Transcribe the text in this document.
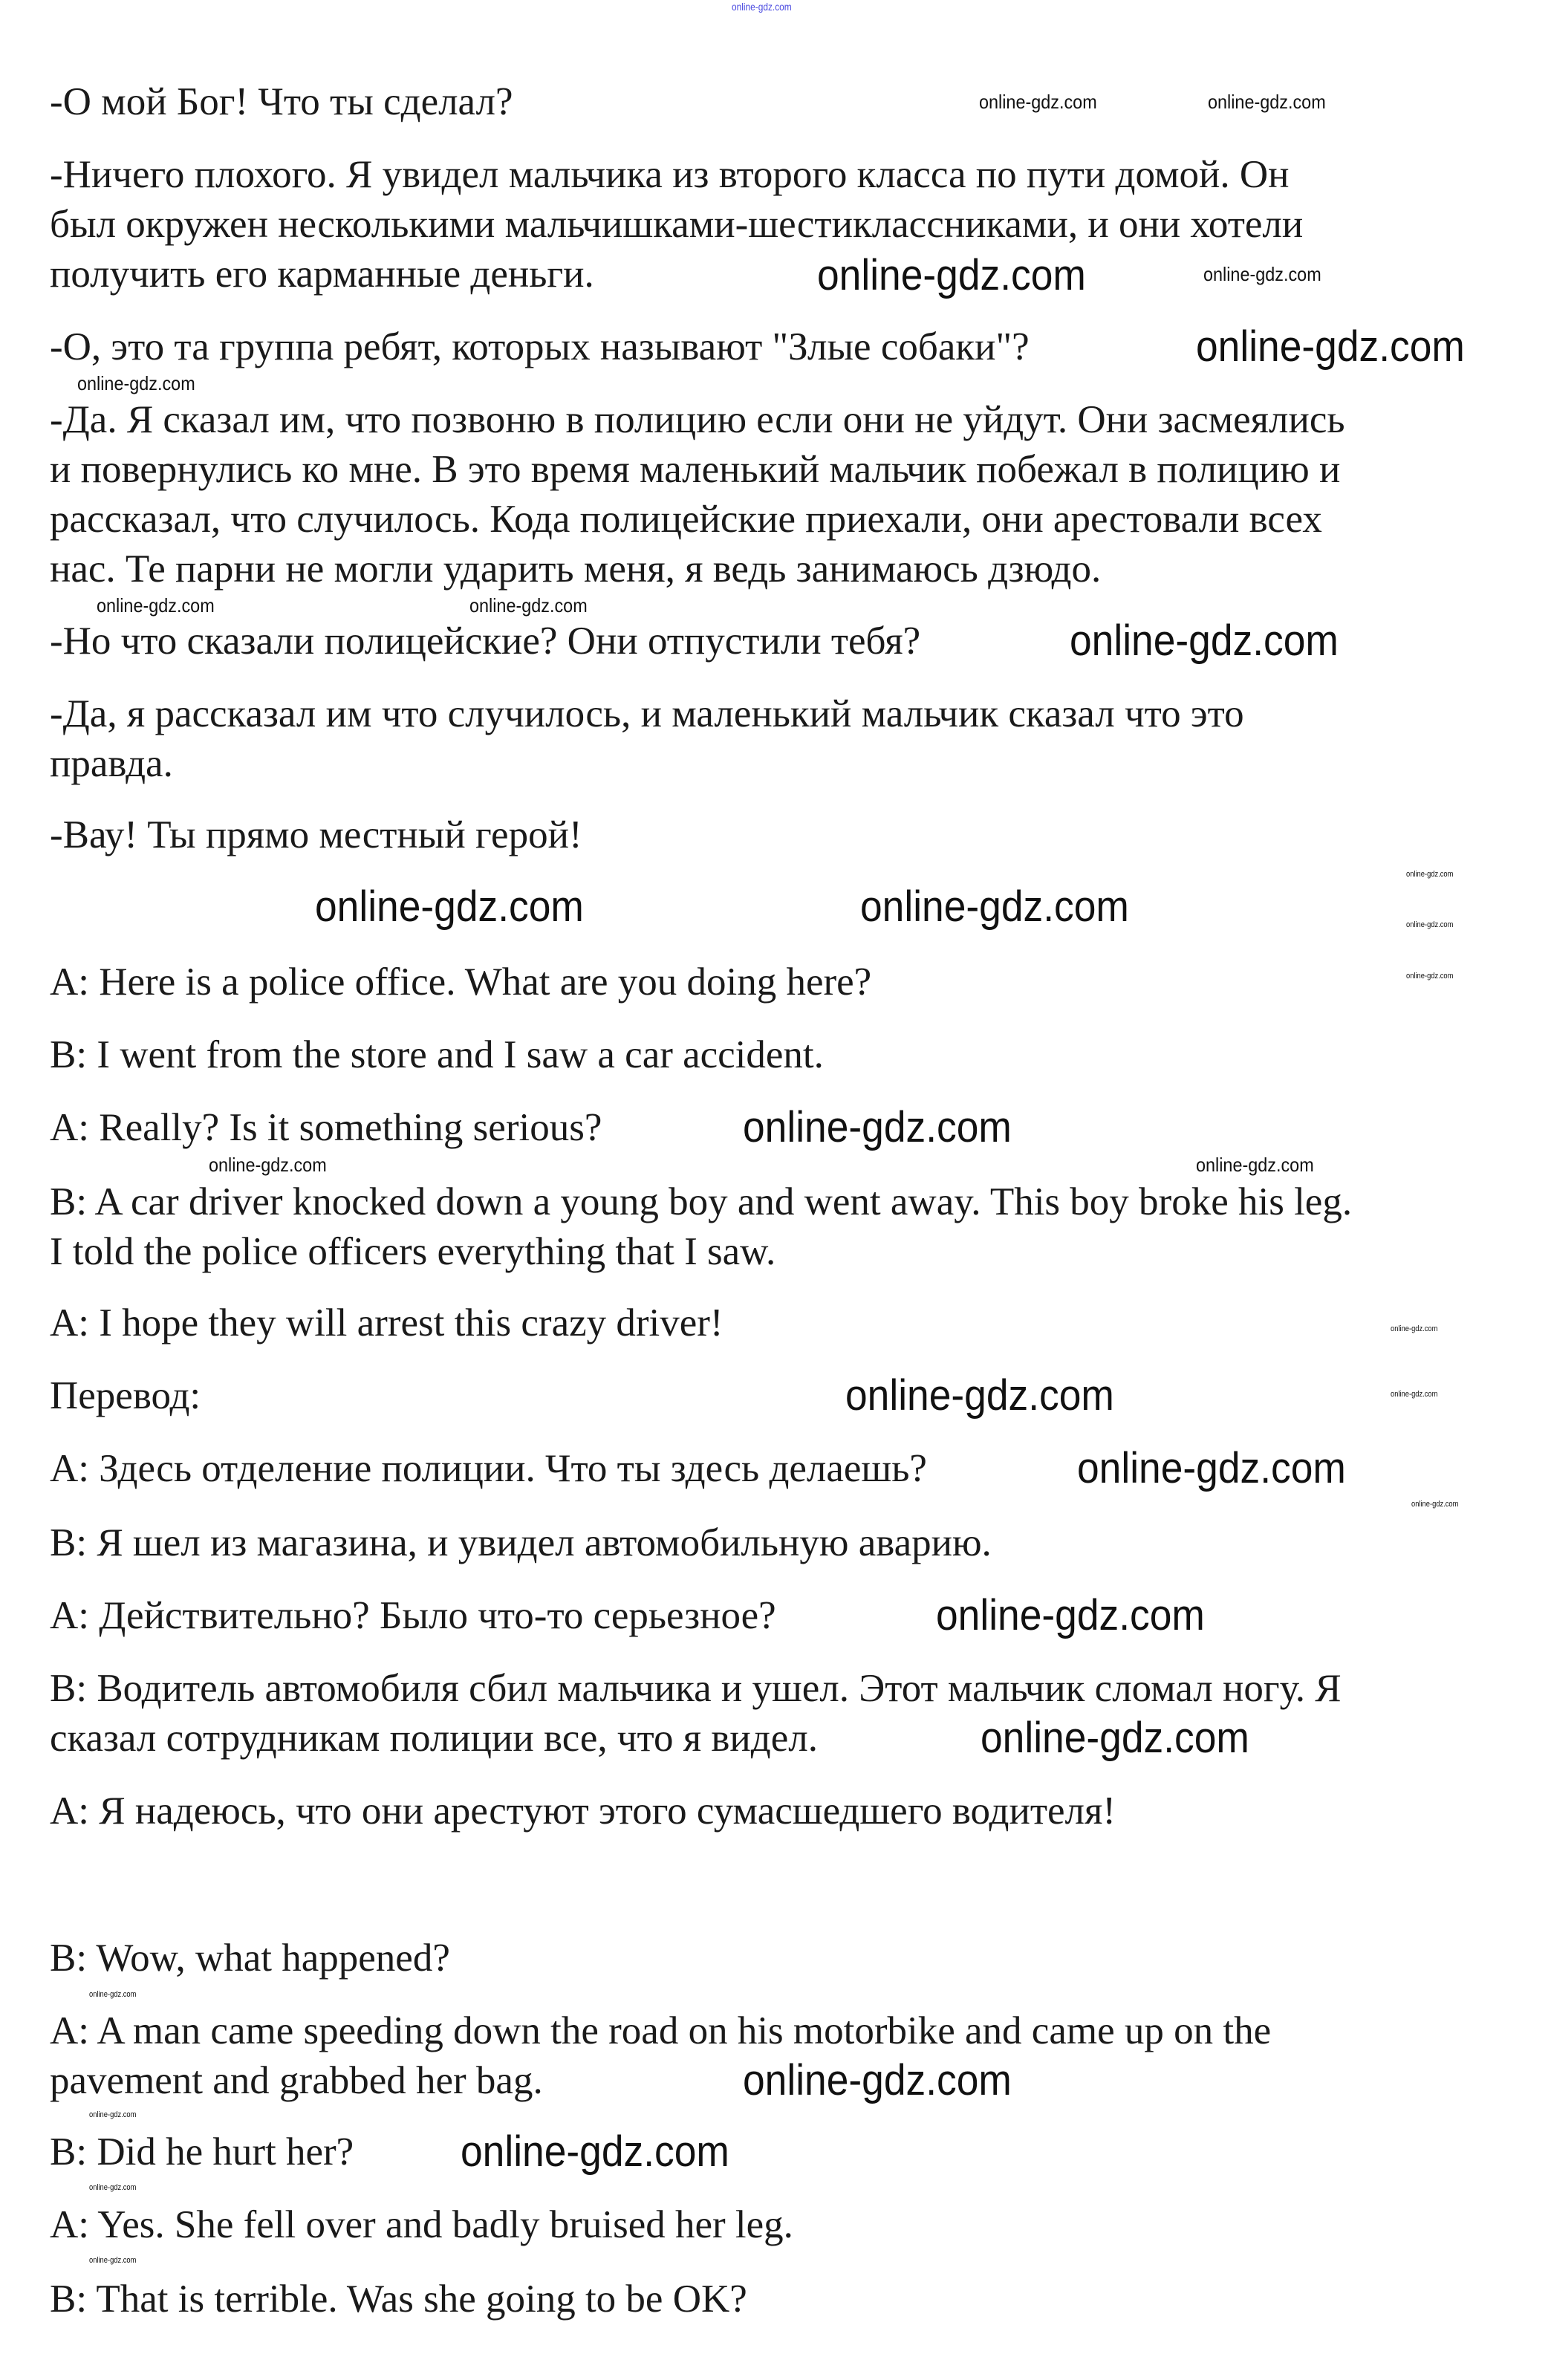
-О мой Бог! Что ты сделал?
-Ничего плохого. Я увидел мальчика из второго класса по пути домой. Он
был окружен несколькими мальчишками-шестиклассниками, и они хотели
получить его карманные деньги.
-О, это та группа ребят, которых называют "Злые собаки"?
-Да. Я сказал им, что позвоню в полицию если они не уйдут. Они засмеялись
и повернулись ко мне. В это время маленький мальчик побежал в полицию и
рассказал, что случилось. Кода полицейские приехали, они арестовали всех
нас. Те парни не могли ударить меня, я ведь занимаюсь дзюдо.
-Но что сказали полицейские? Они отпустили тебя?
-Да, я рассказал им что случилось, и маленький мальчик сказал что это
правда.
-Вау! Ты прямо местный герой!
A: Here is a police office. What are you doing here?
B: I went from the store and I saw a car accident.
A: Really? Is it something serious?
B: A car driver knocked down a young boy and went away. This boy broke his leg.
I told the police officers everything that I saw.
A: I hope they will arrest this crazy driver!
Перевод:
A: Здесь отделение полиции. Что ты здесь делаешь?
B: Я шел из магазина, и увидел автомобильную аварию.
A: Действительно? Было что-то серьезное?
B: Водитель автомобиля сбил мальчика и ушел. Этот мальчик сломал ногу. Я
сказал сотрудникам полиции все, что я видел.
A: Я надеюсь, что они арестуют этого сумасшедшего водителя!
B: Wow, what happened?
A: A man came speeding down the road on his motorbike and came up on the
pavement and grabbed her bag.
B: Did he hurt her?
A: Yes. She fell over and badly bruised her leg.
B: That is terrible. Was she going to be OK?
online-gdz.com
online-gdz.com	online-gdz.com
online-gdz.com
online-gdz.com
online-gdz.com	online-gdz.com
online-gdz.com	online-gdz.com
online-gdz.com
online-gdz.com
online-gdz.com
online-gdz.com	online-gdz.com
online-gdz.com
online-gdz.com
online-gdz.com
online-gdz.com
online-gdz.com
online-gdz.com
online-gdz.com
online-gdz.com
online-gdz.com
online-gdz.com
online-gdz.com
online-gdz.com
online-gdz.com
online-gdz.com
online-gdz.com
online-gdz.com
online-gdz.com
